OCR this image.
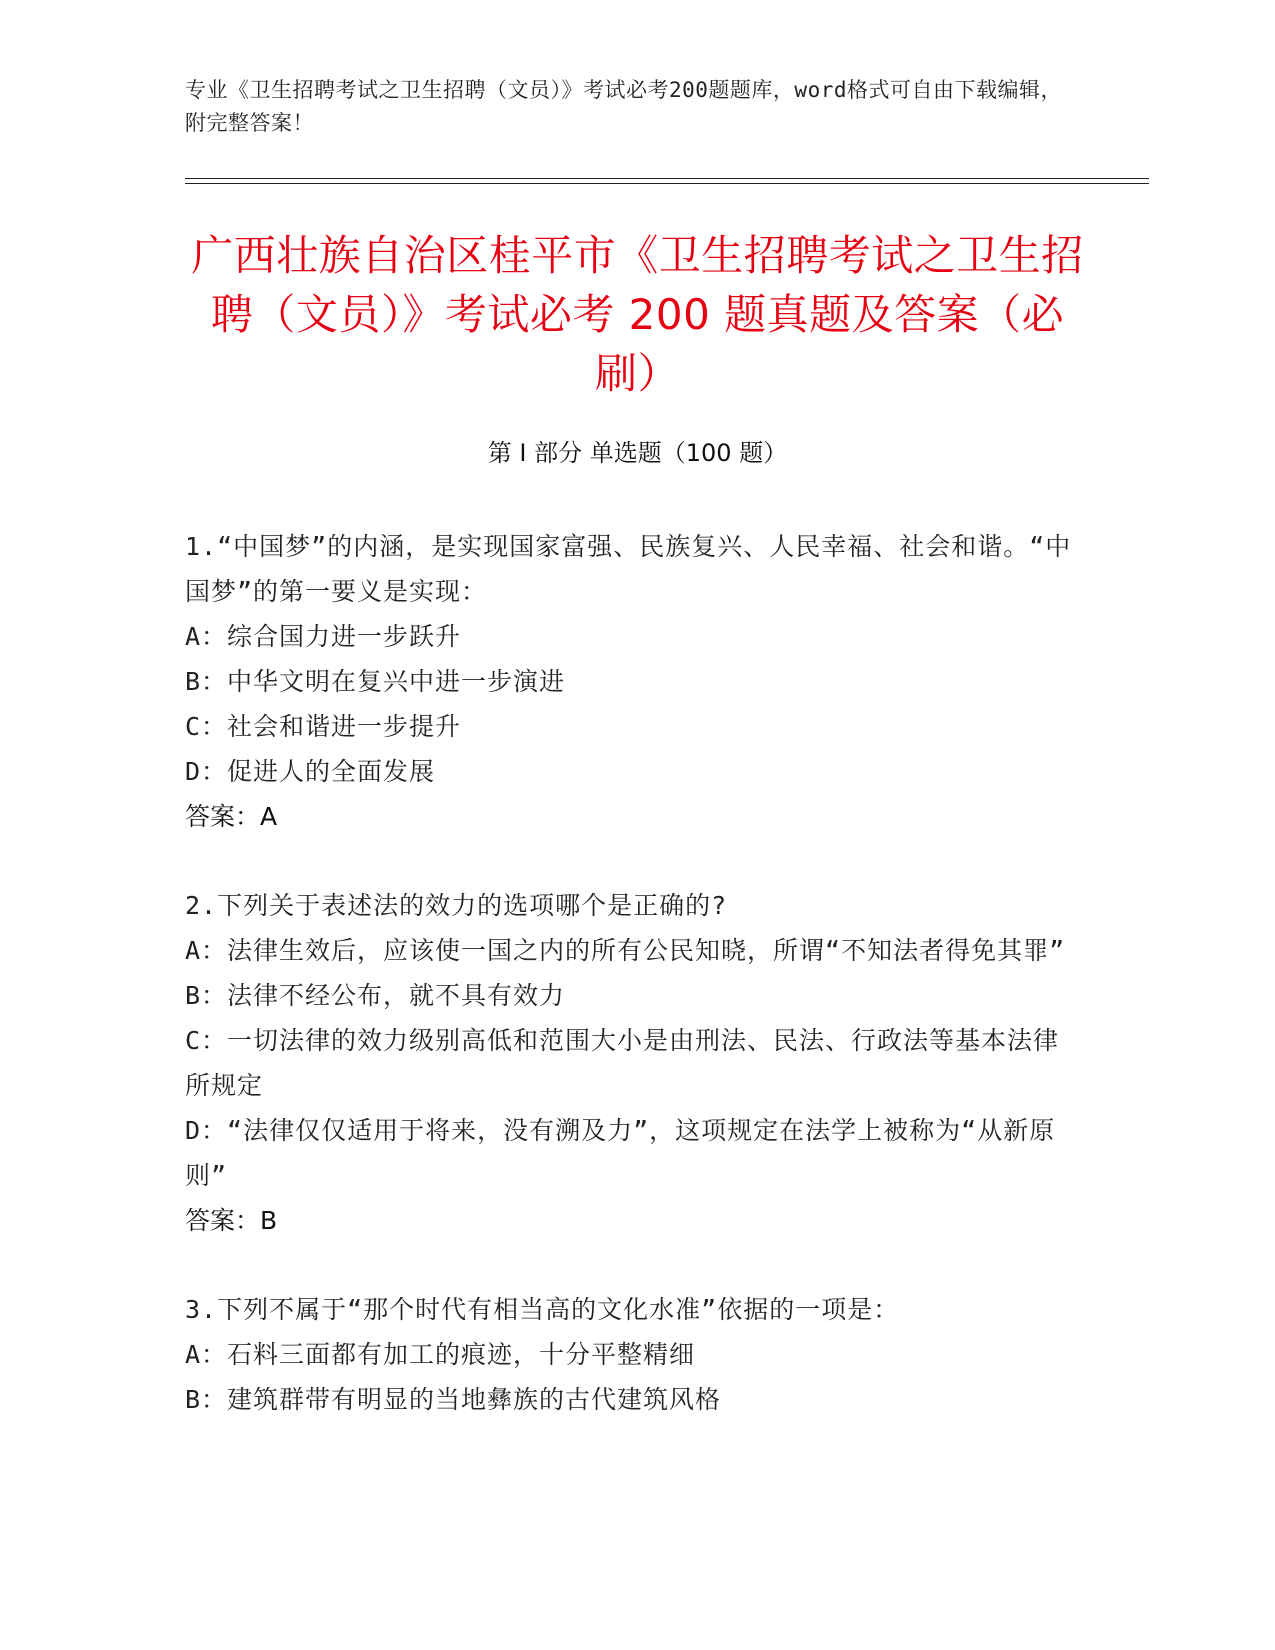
专业《卫生招聘考试之卫生招聘（文员）》考试必考200题题库，word格式可自由下载编辑，附完整答案！
广西壮族自治区桂平市《卫生招聘考试之卫生招聘（文员）》考试必考 200 题真题及答案（必刷）
第 I 部分 单选题（100 题）
1.“中国梦”的内涵，是实现国家富强、民族复兴、人民幸福、社会和谐。“中国梦”的第一要义是实现：
A：综合国力进一步跃升
B：中华文明在复兴中进一步演进
C：社会和谐进一步提升
D：促进人的全面发展
答案：A
2.下列关于表述法的效力的选项哪个是正确的?
A：法律生效后，应该使一国之内的所有公民知晓，所谓“不知法者得免其罪”
B：法律不经公布，就不具有效力
C：一切法律的效力级别高低和范围大小是由刑法、民法、行政法等基本法律所规定
D：“法律仅仅适用于将来，没有溯及力”，这项规定在法学上被称为“从新原则”
答案：B
3.下列不属于“那个时代有相当高的文化水准”依据的一项是：
A：石料三面都有加工的痕迹，十分平整精细
B：建筑群带有明显的当地彝族的古代建筑风格
